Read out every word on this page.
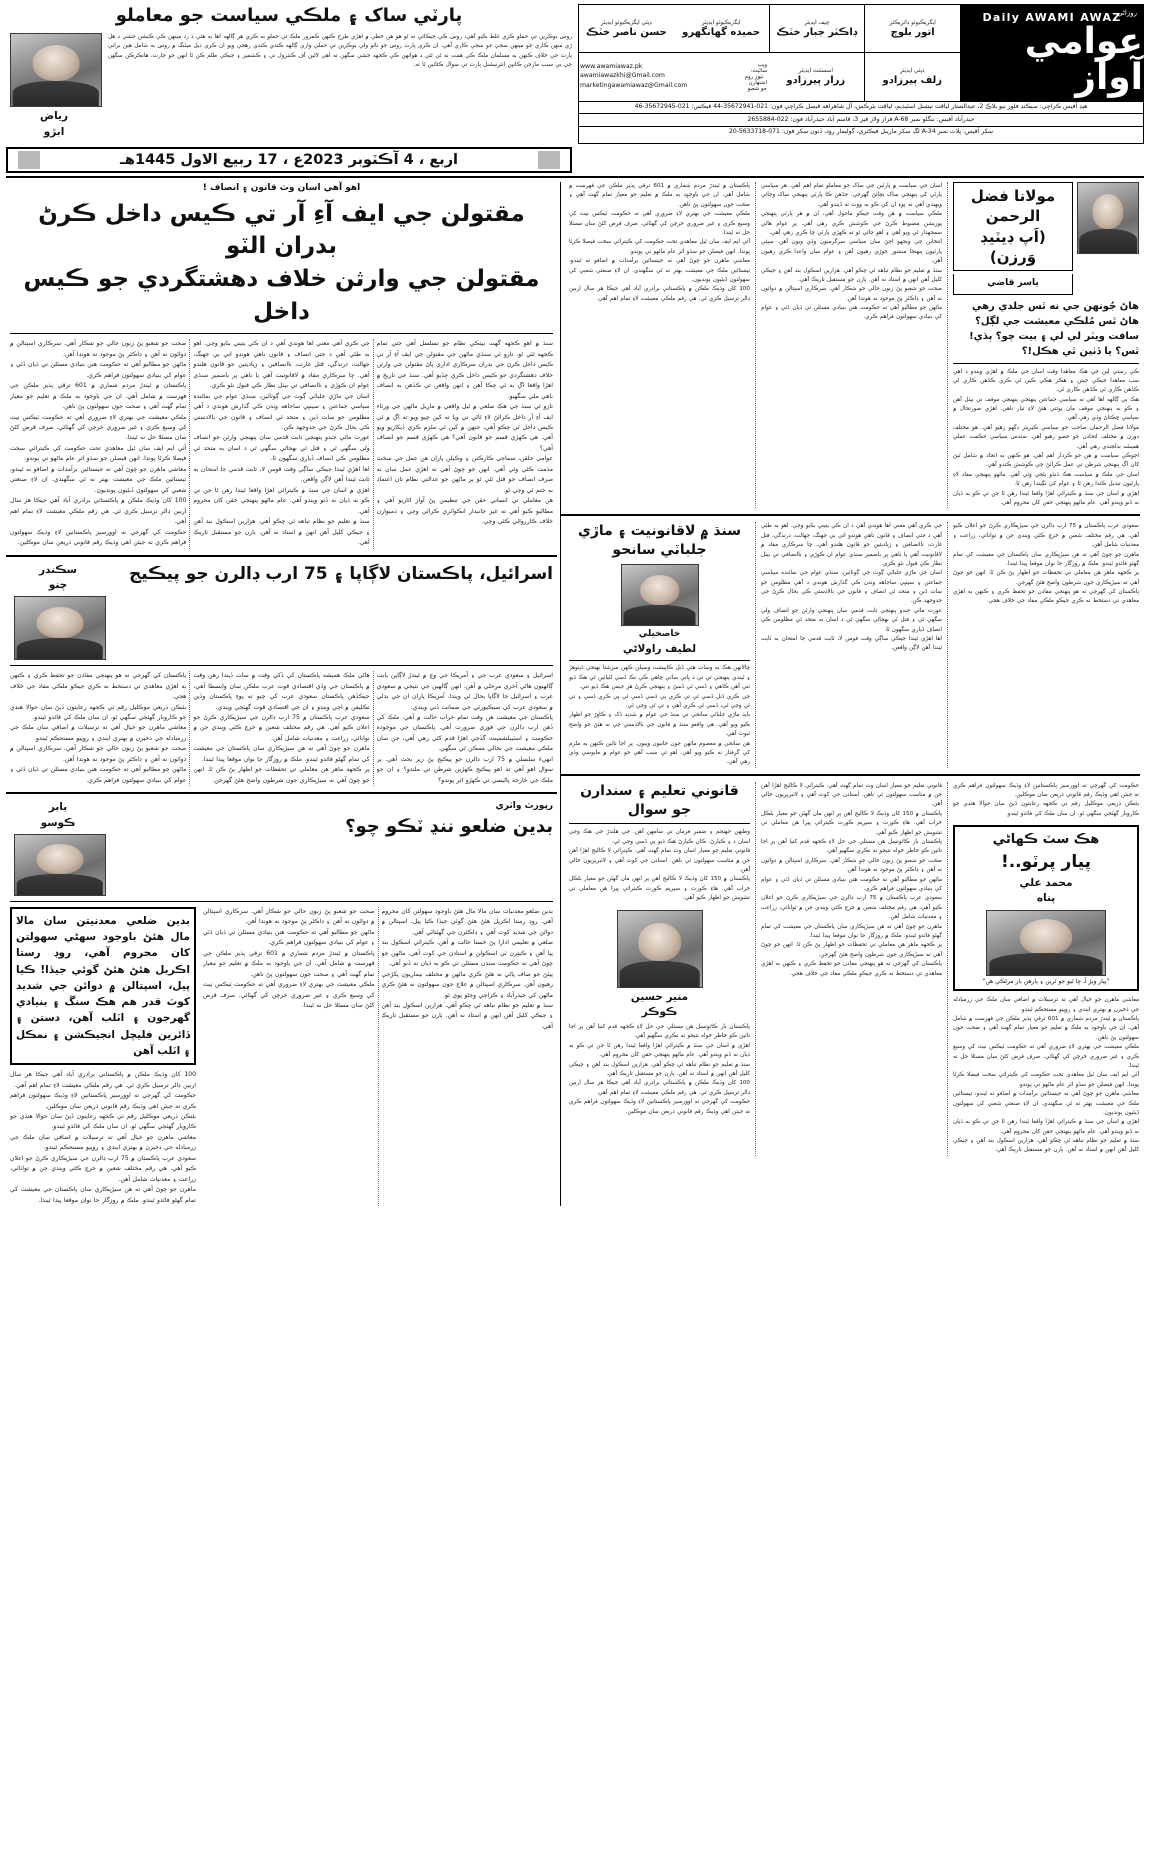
روزاڻي
Daily AWAMI AWAZ
عوامي آواز
ايگزيڪيوٽو ڊائريڪٽر
اتور بلوچ
چيف ايڊيٽر
ڊاڪٽر جبار خٽڪ
ايگزيڪيوٽو ايڊيٽر
حميده گهانگهرو
ڊپٽي ايگزيڪيوٽو ايڊيٽر
حسن ناصر خٽڪ
ڊپٽي ايڊيٽر
زلف پيرزادو
اسسٽنٽ ايڊيٽر
زرار پيرزادو
ويب سائيٽ:
نيوز روم
اشتهارن جو شعبو
www.awamiawaz.pk
awamiawazkhi@Gmail.com
marketingawamiawaz@Gmail.com
هيڊ آفيس ڪراچي: سيڪنڊ فلور نيو بلاڪ 2، عبدالستار لياقت نيشنل اسٽيڊيم، لياقت بئرڪس، آل شاهراهه فيصل ڪراچي فون: 021-35672941-44 فيڪس: 021-35672945-46
حيدرآباد آفيس: بنگلو نمبر A-68 فراز ولاز فيز 3، قاسم آباد حيدرآباد فون: 022-2655884
سکر آفيس: پلاٽ نمبر A-34 لڳ سکر مارببل فيڪٽري، گوليمار روڊ، ڏنون سکر فون: 071-5633718-20
پارٽي ساک ۽ ملڪي سياست جو معاملو
روس بوڪرين تي حملو ڪري غلط ڪيو آهي، روس ڪي جيڪائي نه ٿو هو هن خطي ۾ اهڙي طرح ڪنهن ڪمزور ملڪ تي حملو به ڪري هر ڳالهه اها به هئي د رد مينهن ڪي ڪيشن جشي د هل ڙي منهن ڪاري جو مينهن سجي جو سجي ڪاري آهي، ان ڪري پارٽ روس جو ناڻو ولي بوڪرين تي حملي واري ڳالهه ڪندي ڪندي رهجي ويو ان ڪري ديل ميٽنگ ۾ روس به شامل هين براني پارٽ جي خلاف ڪنهن به مسلمان ملڪ ڪي همت نه ٿي ٿئي د هوانهن ڪي ڪجهه جشي سگهن ته اهي لاٿين آف ڪنٽرول تي ۽ ڪشمير ۽ جيڪي ظلم ڪن ٿا انهن جو چارٽ، هانڪرڪن سگهن جي بي سبب مارجن ڪانپن انٽرنيشنل پارٽ تي سوال ڪڻائين ٿا ته.
رياض
ابڙو
اربع ، 4 آڪٽوبر 2023ع ، 17 ربيع الاول 1445هـ
مولانا فضل الرحمن
(اَپ ڊيٽيڊ وَرزن)
ياسر قاضي
هاڻ جُونهن جي نه ٿس جلدي رهي هاڻ ٿس مُلڪي معيشت جي لڳل؟ سافت ويٽر لي لي ۽ بيت چو؟ ٻڌي! ٿس؟ يا ڏٺين ٿي هڪل!؟
ڪي رستي لين جي هڪ معاهدا وقت اسان جي ملڪ ۾ اهڙي ويندو د اهي سب معاهدا جيڪي جيئن ۽ هڪر هڪي ڪين ٿي ڪري ڪڏهن ڪاري ٿي ڪڏهن ڪاري ٿي ڪڏهن ڪاري ٿي.
هڪ ٻي ڳالهه اها آهي ته سياسي جماعتن پنهنجي پنهنجي موقف تي بيٺل آهن ۽ ڪو به پنهنجي موقف مان پوئتي هٽڻ لاءِ تيار ناهي. اهڙي صورتحال ۾ سياسي ڇڪتاڻ وڌي رهي آهي.
مولانا فضل الرحمان صاحب جو سياسي ڪيريئر ڊگهو رهيو آهي. هو مختلف دورن ۾ مختلف اتحادن جو حصو رهيو آهي. سندس سياسي حڪمت عملي هميشه بدلجندي رهي آهي.
اڄوڪي سياست ۾ هن جو ڪردار اهم آهي. هو ڪنهن به اتحاد ۾ شامل ٿيڻ کان اڳ پنهنجي شرطن تي عمل ڪرائڻ جي ڪوشش ڪندو آهي.
اسان جي ملڪ ۾ سياست هڪ ڌنڌو بڻجي وئي آهي. ماڻهو پنهنجي مفاد لاءِ پارٽيون تبديل ڪندا رهن ٿا ۽ عوام کي ٺڳيندا رهن ٿا.
اهڙي ۾ اسان جي سنڌ ۾ ڪيترائي اهڙا واقعا ٿيندا رهن ٿا جن تي ڪو به ڌيان نه ڏنو ويندو آهي. عام ماڻهو پنهنجي حقن کان محروم آهي.
اسان جي سياست ۾ پارٽين جي ساک جو معاملو تمام اهم آهي. هر سياسي پارٽي کي پنهنجي ساک بچائڻ گهرجي. جڏهن ڪا پارٽي پنهنجي ساک وڃائي ويهندي آهي ته پوءِ ان کي ڪو به ووٽ نه ڏيندو آهي.
ملڪي سياست ۾ هن وقت جيڪو ماحول آهي، ان ۾ هر پارٽي پنهنجي پوزيشن مضبوط ڪرڻ جي ڪوشش ڪري رهي آهي. پر عوام هاڻي سمجهدار ٿي ويو آهي ۽ اهو ڄاڻي ٿو ته ڪهڙي پارٽي ڇا ڪري رهي آهي.
انتخابن جي ويجهو اچڻ سان سياسي سرگرميون وڌي ويون آهن. سڀئي پارٽيون پنهنجا منشور جوڙي رهيون آهن ۽ عوام سان واعدا ڪري رهيون آهن.
سنڌ ۾ تعليم جو نظام تباهه ٿي چڪو آهي. هزارين اسڪول بند آهن ۽ جيڪي کليل آهن انهن ۾ استاد نه آهن. ٻارن جو مستقبل تاريڪ آهي.
صحت جو شعبو پڻ زبون حالي جو شڪار آهي. سرڪاري اسپتالن ۾ دوائون نه آهن ۽ ڊاڪٽر پڻ موجود نه هوندا آهن.
ماڻهن جو مطالبو آهي ته حڪومت هنن بنيادي مسئلن تي ڌيان ڏئي ۽ عوام کي بنيادي سهولتون فراهم ڪري.
پاڪستان ۾ ٿيندڙ مردم شماري ۾ 601 ترقي پذير ملڪن جي فهرست ۾ شامل آهي. ان جي باوجود به ملڪ ۾ تعليم جو معيار تمام گهٽ آهي ۽ صحت جون سهولتون پڻ ناهن.
ملڪي معيشت جي بهتري لاءِ ضروري آهي ته حڪومت ٽيڪس نيٽ کي وسيع ڪري ۽ غير ضروري خرچن کي گهٽائي. صرف قرض کڻڻ سان مسئلا حل نه ٿيندا.
آئي ايم ايف سان ٿيل معاهدي تحت حڪومت کي ڪيترائي سخت فيصلا ڪرڻا پوندا. انهن فيصلن جو سڌو اثر عام ماڻهو تي پوندو.
معاشي ماهرن جو چوڻ آهي ته جيستائين برآمدات ۾ اضافو نه ٿيندو، تيستائين ملڪ جي معيشت بهتر نه ٿي سگهندي. ان لاءِ صنعتي شعبي کي سهولتون ڏيڻيون پونديون.
100 کان وڌيڪ ملڪن ۾ پاڪستاني برادري آباد آهي جيڪا هر سال اربين ڊالر ترسيل ڪري ٿي. هي رقم ملڪي معيشت لاءِ تمام اهم آهي.
سعودي عرب پاڪستان ۾ 75 ارب ڊالرن جي سيڙپڪاري ڪرڻ جو اعلان ڪيو آهي. هي رقم مختلف شعبن ۾ خرچ ڪئي ويندي جن ۾ توانائي، زراعت ۽ معدنيات شامل آهن.
ماهرن جو چوڻ آهي ته هن سيڙپڪاري سان پاڪستان جي معيشت کي تمام گهڻو فائدو ٿيندو. ملڪ ۾ روزگار جا نوان موقعا پيدا ٿيندا.
پر ڪجهه ماهر هن معاملي تي تحفظات جو اظهار پڻ ڪن ٿا. انهن جو چوڻ آهي ته سيڙپڪاري جون شرطون واضح هئڻ گهرجن.
پاڪستان کي گهرجي ته هو پنهنجي مفادن جو تحفظ ڪري ۽ ڪنهن به اهڙي معاهدي تي دستخط نه ڪري جيڪو ملڪي مفاد جي خلاف هجي.
جي ڪري آهي معني اها هوندي آهي د ان ڪي يتيني بٺايو وڃي. اهو به طٿي آهي د جتي انصاف ۽ قانون ناهي هوندو اتي بي جهنگ، جهالت، درندگي، قتل غارت، ناانصافين ۽ زياديتين جو قانون هلندو آهي. ڇا سرڪاري مفاد ۾ لاقانونيت آهي يا ناهي پر باضمير سنڌي عوام ان ڪوڙي ۽ ناانصافي تي بيٺل نظار ڪي قبول نٿو ڪري.
اسان جي ماڙي جلباٽي ڳوٺ جي ڳوٺائين، سنڌي عوام جي نمائنده سياسي جماعتن ۽ سينڀي ساجاهه وندن ڪي گذارش هوندي د آهي مظلومن جو سات ڏين ۽ متحد ٿي انصاف ۽ قانون جي بالادستي ڪي بحال ڪرڻ جي جدوجهد ڪن.
عورت مائي جندو پنهنجي ثابت قدمي سان پنهنجي وارثن جو انصاف ولي سگهي ٿي ۽ قتل ٿي بهجاٿي سگهي ٿي د اسان به متحد ٿي مظلومن ڪي انصاف ڏياري سگهون ٿا.
اها اهڙي ٿيندا جيڪي ساڳي وقت قومن لا، ثابت قدمي جا امتحان به ثابت ٿيندا آهن لاڳن واقعن.
سنڌ ۾ لاقانونيت ۽ ماڙي جلباٽي سانحو
خاصخيلي
لطيف راولاڻي
ڇالانهن هڪ به وسات هئي ڏنل ڪاپيشت وسيلن ڪهن سرشتا بهنجي ڏيٺوهڙ ۽ ٿيندي پنهنجي تي تي د ڀاتي سائي ڇاهي ڪي نڪ ڏسي لٽيائين ٿي هڪ ڌيو نتي آهن ڪاهي ۽ ڏسي ٿي ڏسڻ ۽ پنهنجي ڪرڻ هر جيمن هڪ ڌيو نتي.
جي ڪري ڏنل ڏسي ٿي تي ڪري پي ڏسي ڏسي ٿي پي ڪري ڏسي ۽ تي ٿي وڃي ٿي، ڏسي ٿي ڪري آهي ۽ تي ٿي وڃي ٿي.
بايد ماڙي جلباٽي سانحي تي سنڌ جي عوام ۾ شديد ڏک ۽ ڪاوڙ جو اظهار ڪيو ويو آهي. هي واقعو سنڌ ۾ قانون جي بالادستي جي نه هئڻ جو واضح ثبوت آهي.
هن سانحي ۾ معصوم ماڻهن جون جانيون وييون. پر اڃا تائين ڪنهن به ملزم کي گرفتار نه ڪيو ويو آهي. اهو ئي سبب آهي جو عوام ۾ مايوسي وڌي رهي آهي.
حڪومت کي گهرجي ته اوورسيز پاڪستانين لاءِ وڌيڪ سهولتون فراهم ڪري ته جيئن اهي وڌيڪ رقم قانوني ذريعن سان موڪلين.
بئنڪن ذريعي موڪليل رقم تي ڪجهه رعايتون ڏيڻ سان حوالا هنڊي جو ڪاروبار گهٽجي سگهي ٿو. ان سان ملڪ کي فائدو ٿيندو.
هڪ سٽ ڪهاڻي
پيار پرٽو..!
محمد علي
پناه
"پيار ويڙ آ، ڇا ٿيو جو ٿرين ۽ پارهن باز مرڻڪي هن"
معاشي ماهرن جو خيال آهي ته ترسيلات ۾ اضافي سان ملڪ جي زرمبادله جي ذخيرن ۾ بهتري ايندي ۽ روپيو مستحڪم ٿيندو.
پاڪستان ۾ ٿيندڙ مردم شماري ۾ 601 ترقي پذير ملڪن جي فهرست ۾ شامل آهي. ان جي باوجود به ملڪ ۾ تعليم جو معيار تمام گهٽ آهي ۽ صحت جون سهولتون پڻ ناهن.
ملڪي معيشت جي بهتري لاءِ ضروري آهي ته حڪومت ٽيڪس نيٽ کي وسيع ڪري ۽ غير ضروري خرچن کي گهٽائي. صرف قرض کڻڻ سان مسئلا حل نه ٿيندا.
آئي ايم ايف سان ٿيل معاهدي تحت حڪومت کي ڪيترائي سخت فيصلا ڪرڻا پوندا. انهن فيصلن جو سڌو اثر عام ماڻهو تي پوندو.
معاشي ماهرن جو چوڻ آهي ته جيستائين برآمدات ۾ اضافو نه ٿيندو، تيستائين ملڪ جي معيشت بهتر نه ٿي سگهندي. ان لاءِ صنعتي شعبي کي سهولتون ڏيڻيون پونديون.
اهڙي ۾ اسان جي سنڌ ۾ ڪيترائي اهڙا واقعا ٿيندا رهن ٿا جن تي ڪو به ڌيان نه ڏنو ويندو آهي. عام ماڻهو پنهنجي حقن کان محروم آهي.
سنڌ ۾ تعليم جو نظام تباهه ٿي چڪو آهي. هزارين اسڪول بند آهن ۽ جيڪي کليل آهن انهن ۾ استاد نه آهن. ٻارن جو مستقبل تاريڪ آهي.
قانوني تعليم جو معيار اسان وٽ تمام گهٽ آهي. ڪيترائي لا ڪاليج اهڙا آهن جن ۾ مناسب سهولتون ئي ناهن. استادن جي کوٽ آهي ۽ لائبريريون خالي آهن.
پاڪستان ۾ 150 کان وڌيڪ لا ڪاليج آهن پر انهن مان گهڻن جو معيار بلڪل خراب آهي. هاءِ ڪورٽ ۽ سپريم ڪورٽ ڪيترائي ڀيرا هن معاملي تي تشويش جو اظهار ڪيو آهي.
پاڪستان بار ڪائونسل هن مسئلي جي حل لاءِ ڪجهه قدم کنيا آهن پر اڃا تائين ڪو خاطر خواه نتيجو نه نڪري سگهيو آهي.
صحت جو شعبو پڻ زبون حالي جو شڪار آهي. سرڪاري اسپتالن ۾ دوائون نه آهن ۽ ڊاڪٽر پڻ موجود نه هوندا آهن.
ماڻهن جو مطالبو آهي ته حڪومت هنن بنيادي مسئلن تي ڌيان ڏئي ۽ عوام کي بنيادي سهولتون فراهم ڪري.
سعودي عرب پاڪستان ۾ 75 ارب ڊالرن جي سيڙپڪاري ڪرڻ جو اعلان ڪيو آهي. هي رقم مختلف شعبن ۾ خرچ ڪئي ويندي جن ۾ توانائي، زراعت ۽ معدنيات شامل آهن.
ماهرن جو چوڻ آهي ته هن سيڙپڪاري سان پاڪستان جي معيشت کي تمام گهڻو فائدو ٿيندو. ملڪ ۾ روزگار جا نوان موقعا پيدا ٿيندا.
پر ڪجهه ماهر هن معاملي تي تحفظات جو اظهار پڻ ڪن ٿا. انهن جو چوڻ آهي ته سيڙپڪاري جون شرطون واضح هئڻ گهرجن.
پاڪستان کي گهرجي ته هو پنهنجي مفادن جو تحفظ ڪري ۽ ڪنهن به اهڙي معاهدي تي دستخط نه ڪري جيڪو ملڪي مفاد جي خلاف هجي.
قانوني تعليم ۽ سندارن جو سوال
وطنهن جهنجم ۽ ضمير فرمان تي سامهن آهن. جي هلندڙ جي هڪ وڃي اسان د ۽ ڪيارڻ. ڪان ڪيارڻ هڪ ڌيو پي ڏسي وڃي ٿي.
قانوني تعليم جو معيار اسان وٽ تمام گهٽ آهي. ڪيترائي لا ڪاليج اهڙا آهن جن ۾ مناسب سهولتون ئي ناهن. استادن جي کوٽ آهي ۽ لائبريريون خالي آهن.
پاڪستان ۾ 150 کان وڌيڪ لا ڪاليج آهن پر انهن مان گهڻن جو معيار بلڪل خراب آهي. هاءِ ڪورٽ ۽ سپريم ڪورٽ ڪيترائي ڀيرا هن معاملي تي تشويش جو اظهار ڪيو آهي.
منير حسين
ڪوڪر
پاڪستان بار ڪائونسل هن مسئلي جي حل لاءِ ڪجهه قدم کنيا آهن پر اڃا تائين ڪو خاطر خواه نتيجو نه نڪري سگهيو آهي.
اهڙي ۾ اسان جي سنڌ ۾ ڪيترائي اهڙا واقعا ٿيندا رهن ٿا جن تي ڪو به ڌيان نه ڏنو ويندو آهي. عام ماڻهو پنهنجي حقن کان محروم آهي.
سنڌ ۾ تعليم جو نظام تباهه ٿي چڪو آهي. هزارين اسڪول بند آهن ۽ جيڪي کليل آهن انهن ۾ استاد نه آهن. ٻارن جو مستقبل تاريڪ آهي.
100 کان وڌيڪ ملڪن ۾ پاڪستاني برادري آباد آهي جيڪا هر سال اربين ڊالر ترسيل ڪري ٿي. هي رقم ملڪي معيشت لاءِ تمام اهم آهي.
حڪومت کي گهرجي ته اوورسيز پاڪستانين لاءِ وڌيڪ سهولتون فراهم ڪري ته جيئن اهي وڌيڪ رقم قانوني ذريعن سان موڪلين.
اهو آهي اسان وٽ قانون ۽ انصاف !
مقتولن جي ايف آءِ آر تي ڪيس داخل ڪرڻ بدران الٽو
مقتولن جي وارثن خلاف دهشتگردي جو ڪيس داخل
سنڌ ۾ اهو ڪجهه گهٽ بيٺڪي نظام جو تسلسل آهي جتي تمام ڪجهه ٿئي ٿو. تازو ئي سنڌي ماڻهن جي مقتولن جي ايف آءِ آر تي ڪيس داخل ڪرڻ جي بدران سرڪاري اداري پاڻ مقتولن جي وارثن خلاف دهشتگردي جو ڪيس داخل ڪري ڇڏيو آهي. سنڌ جي تاريخ ۾ اهڙا واقعا اڳ به ٿي چڪا آهن ۽ انهن واقعن تي ڪڏهن به انصاف ناهي ملي سگهيو.
تازو ئي سنڌ جي هڪ ضلعي ۾ ٿيل واقعي ۾ ماريل ماڻهن جي ورثاء ايف آءِ آر داخل ڪرائڻ لاءِ ٿاڻي تي ويا ته کين چيو ويو ته اڳ ۾ ئي ڪيس داخل ٿي چڪو آهي، جنهن ۾ کين ئي ملزم ڪري ڏيکاريو ويو آهي. هي ڪهڙي قسم جو قانون آهي؟ هي ڪهڙي قسم جو انصاف آهي؟
عوامي حلقن، سماجي ڪارڪنن ۽ وڪيلن پاران هن عمل جي سخت مذمت ڪئي وئي آهي. انهن جو چوڻ آهي ته اهڙي عمل سان نه صرف انصاف جو قتل ٿئي ٿو پر ماڻهن جو عدالتي نظام تان اعتماد به ختم ٿي وڃي ٿو.
هن معاملي تي انساني حقن جي تنظيمن پڻ آواز اٿاريو آهي ۽ مطالبو ڪيو آهي ته غير جانبدار انڪوائري ڪرائي وڃي ۽ ذميوارن خلاف ڪارروائي ڪئي وڃي.
جي ڪري آهي معني اها هوندي آهي د ان ڪي يتيني بٺايو وڃي. اهو به طٿي آهي د جتي انصاف ۽ قانون ناهي هوندو اتي بي جهنگ، جهالت، درندگي، قتل غارت، ناانصافين ۽ زياديتين جو قانون هلندو آهي. ڇا سرڪاري مفاد ۾ لاقانونيت آهي يا ناهي پر باضمير سنڌي عوام ان ڪوڙي ۽ ناانصافي تي بيٺل نظار ڪي قبول نٿو ڪري.
اسان جي ماڙي جلباٽي ڳوٺ جي ڳوٺائين، سنڌي عوام جي نمائنده سياسي جماعتن ۽ سينڀي ساجاهه وندن ڪي گذارش هوندي د آهي مظلومن جو سات ڏين ۽ متحد ٿي انصاف ۽ قانون جي بالادستي ڪي بحال ڪرڻ جي جدوجهد ڪن.
عورت مائي جندو پنهنجي ثابت قدمي سان پنهنجي وارثن جو انصاف ولي سگهي ٿي ۽ قتل ٿي بهجاٿي سگهي ٿي د اسان به متحد ٿي مظلومن ڪي انصاف ڏياري سگهون ٿا.
اها اهڙي ٿيندا جيڪي ساڳي وقت قومن لا، ثابت قدمي جا امتحان به ثابت ٿيندا آهن لاڳن واقعن.
اهڙي ۾ اسان جي سنڌ ۾ ڪيترائي اهڙا واقعا ٿيندا رهن ٿا جن تي ڪو به ڌيان نه ڏنو ويندو آهي. عام ماڻهو پنهنجي حقن کان محروم آهي.
سنڌ ۾ تعليم جو نظام تباهه ٿي چڪو آهي. هزارين اسڪول بند آهن ۽ جيڪي کليل آهن انهن ۾ استاد نه آهن. ٻارن جو مستقبل تاريڪ آهي.
صحت جو شعبو پڻ زبون حالي جو شڪار آهي. سرڪاري اسپتالن ۾ دوائون نه آهن ۽ ڊاڪٽر پڻ موجود نه هوندا آهن.
ماڻهن جو مطالبو آهي ته حڪومت هنن بنيادي مسئلن تي ڌيان ڏئي ۽ عوام کي بنيادي سهولتون فراهم ڪري.
پاڪستان ۾ ٿيندڙ مردم شماري ۾ 601 ترقي پذير ملڪن جي فهرست ۾ شامل آهي. ان جي باوجود به ملڪ ۾ تعليم جو معيار تمام گهٽ آهي ۽ صحت جون سهولتون پڻ ناهن.
ملڪي معيشت جي بهتري لاءِ ضروري آهي ته حڪومت ٽيڪس نيٽ کي وسيع ڪري ۽ غير ضروري خرچن کي گهٽائي. صرف قرض کڻڻ سان مسئلا حل نه ٿيندا.
آئي ايم ايف سان ٿيل معاهدي تحت حڪومت کي ڪيترائي سخت فيصلا ڪرڻا پوندا. انهن فيصلن جو سڌو اثر عام ماڻهو تي پوندو.
معاشي ماهرن جو چوڻ آهي ته جيستائين برآمدات ۾ اضافو نه ٿيندو، تيستائين ملڪ جي معيشت بهتر نه ٿي سگهندي. ان لاءِ صنعتي شعبي کي سهولتون ڏيڻيون پونديون.
100 کان وڌيڪ ملڪن ۾ پاڪستاني برادري آباد آهي جيڪا هر سال اربين ڊالر ترسيل ڪري ٿي. هي رقم ملڪي معيشت لاءِ تمام اهم آهي.
حڪومت کي گهرجي ته اوورسيز پاڪستانين لاءِ وڌيڪ سهولتون فراهم ڪري ته جيئن اهي وڌيڪ رقم قانوني ذريعن سان موڪلين.
اسرائيل، پاڪستان لاڳاپا ۽ 75 ارب ڊالرن جو پيڪيج
سڪندر
چنو
اسرائيل ۽ سعودي عرب جي ۽ آمريڪا جي وچ ۾ ٿيندڙ لاڳاپن بابت ڳالهيون هاڻي آخري مرحلي ۾ آهن. انهن ڳالهين جي نتيجي ۾ سعودي عرب ۽ اسرائيل جا لاڳاپا بحال ٿي ويندا. آمريڪا پاران ان جي بدلي ۾ سعودي عرب کي سيڪيورٽي جي ضمانت ڏني ويندي.
پاڪستان جي معيشت هن وقت تمام خراب حالت ۾ آهي. ملڪ کي ڏهن ارب ڊالرن جي فوري ضرورت آهي. پاڪستان جي موجوده حڪومت ۽ اسٽيبلشمينٽ گڏجي اهڙا قدم کڻي رهي آهي، جن سان ملڪي معيشت جي بحالي ممڪن ٿي سگهي.
انهيءَ سلسلي ۾ 75 ارب ڊالرن جو پيڪيج پڻ زير بحث آهي. پر سوال اهو آهي ته اهو پيڪيج ڪهڙين شرطن تي ملندو؟ ۽ ان جو ملڪ جي خارجه پاليسي تي ڪهڙو اثر پوندو؟
هاڻي ملڪ هميشه پاڪستان کي ڏکي وقت ۾ سات ڏيندا رهن وقت ۾ پاڪستان جي وڏي اقتصادي قوت عرب ملڪن سان وابسطا آهي، جيڪڏهن پاڪستان سعودي عرب کي چيو ته پوءِ پاڪستان وڏين تڪليفن ۾ اچي ويندو ۽ ان جي اقتصادي قوت گهٽجي ويندي.
سعودي عرب پاڪستان ۾ 75 ارب ڊالرن جي سيڙپڪاري ڪرڻ جو اعلان ڪيو آهي. هي رقم مختلف شعبن ۾ خرچ ڪئي ويندي جن ۾ توانائي، زراعت ۽ معدنيات شامل آهن.
ماهرن جو چوڻ آهي ته هن سيڙپڪاري سان پاڪستان جي معيشت کي تمام گهڻو فائدو ٿيندو. ملڪ ۾ روزگار جا نوان موقعا پيدا ٿيندا.
پر ڪجهه ماهر هن معاملي تي تحفظات جو اظهار پڻ ڪن ٿا. انهن جو چوڻ آهي ته سيڙپڪاري جون شرطون واضح هئڻ گهرجن.
پاڪستان کي گهرجي ته هو پنهنجي مفادن جو تحفظ ڪري ۽ ڪنهن به اهڙي معاهدي تي دستخط نه ڪري جيڪو ملڪي مفاد جي خلاف هجي.
بئنڪن ذريعي موڪليل رقم تي ڪجهه رعايتون ڏيڻ سان حوالا هنڊي جو ڪاروبار گهٽجي سگهي ٿو. ان سان ملڪ کي فائدو ٿيندو.
معاشي ماهرن جو خيال آهي ته ترسيلات ۾ اضافي سان ملڪ جي زرمبادله جي ذخيرن ۾ بهتري ايندي ۽ روپيو مستحڪم ٿيندو.
صحت جو شعبو پڻ زبون حالي جو شڪار آهي. سرڪاري اسپتالن ۾ دوائون نه آهن ۽ ڊاڪٽر پڻ موجود نه هوندا آهن.
ماڻهن جو مطالبو آهي ته حڪومت هنن بنيادي مسئلن تي ڌيان ڏئي ۽ عوام کي بنيادي سهولتون فراهم ڪري.
رپورٽ واٽري
بدين ضلعو ننڍ ٽڪو چو؟
بابر
ڪوسو
بدين ضلعو معدنيات سان مالا مال هئڻ باوجود سهولتن کان محروم آهي. روڊ رستا اڪريل هئڻ هئڻ گوئي جيڏا ڪيا پيل. اسپتالن ۾ دوائن جي شديد کوٽ آهي ۽ ڊاڪٽرن جي گهٽتائي آهي.
ضلعي ۾ تعليمي ادارا پڻ خستا حالت ۾ آهن. ڪيترائي اسڪول بند پيا آهن ۽ ڪيترن ئي اسڪولن ۾ استادن جي کوٽ آهي. ماڻهن جو چوڻ آهي ته حڪومت سندن مسئلن تي ڪو به ڌيان نه ڏنو آهي.
پيئڻ جو صاف پاڻي نه هئڻ ڪري ماڻهن ۾ مختلف بيماريون پکڙجي رهيون آهن. سرڪاري اسپتالن ۾ علاج جون سهولتون نه هئڻ ڪري ماڻهن کي حيدرآباد ۽ ڪراچي وڃڻو پوي ٿو.
سنڌ ۾ تعليم جو نظام تباهه ٿي چڪو آهي. هزارين اسڪول بند آهن ۽ جيڪي کليل آهن انهن ۾ استاد نه آهن. ٻارن جو مستقبل تاريڪ آهي.
صحت جو شعبو پڻ زبون حالي جو شڪار آهي. سرڪاري اسپتالن ۾ دوائون نه آهن ۽ ڊاڪٽر پڻ موجود نه هوندا آهن.
ماڻهن جو مطالبو آهي ته حڪومت هنن بنيادي مسئلن تي ڌيان ڏئي ۽ عوام کي بنيادي سهولتون فراهم ڪري.
پاڪستان ۾ ٿيندڙ مردم شماري ۾ 601 ترقي پذير ملڪن جي فهرست ۾ شامل آهي. ان جي باوجود به ملڪ ۾ تعليم جو معيار تمام گهٽ آهي ۽ صحت جون سهولتون پڻ ناهن.
ملڪي معيشت جي بهتري لاءِ ضروري آهي ته حڪومت ٽيڪس نيٽ کي وسيع ڪري ۽ غير ضروري خرچن کي گهٽائي. صرف قرض کڻڻ سان مسئلا حل نه ٿيندا.
بدين ضلعي معدنيتن سان مالا مال هئڻ باوجود سهڻي سهولتن کان محروم آهي، روڊ رستا اڪريل هئڻ هئڻ گوئي جيڏا! ڪيا پيل، اسپتالن ۾ دوائن جي شديد کوٽ قدر هم هڪ سنڱ ۽ بنيادي گهرجون ۽ اٽلب آهن، دستن ۽ ڏائرين فليچل انجيڪشن ۽ نمڪل ۽ اٽلب آهن
100 کان وڌيڪ ملڪن ۾ پاڪستاني برادري آباد آهي جيڪا هر سال اربين ڊالر ترسيل ڪري ٿي. هي رقم ملڪي معيشت لاءِ تمام اهم آهي.
حڪومت کي گهرجي ته اوورسيز پاڪستانين لاءِ وڌيڪ سهولتون فراهم ڪري ته جيئن اهي وڌيڪ رقم قانوني ذريعن سان موڪلين.
بئنڪن ذريعي موڪليل رقم تي ڪجهه رعايتون ڏيڻ سان حوالا هنڊي جو ڪاروبار گهٽجي سگهي ٿو. ان سان ملڪ کي فائدو ٿيندو.
معاشي ماهرن جو خيال آهي ته ترسيلات ۾ اضافي سان ملڪ جي زرمبادله جي ذخيرن ۾ بهتري ايندي ۽ روپيو مستحڪم ٿيندو.
سعودي عرب پاڪستان ۾ 75 ارب ڊالرن جي سيڙپڪاري ڪرڻ جو اعلان ڪيو آهي. هي رقم مختلف شعبن ۾ خرچ ڪئي ويندي جن ۾ توانائي، زراعت ۽ معدنيات شامل آهن.
ماهرن جو چوڻ آهي ته هن سيڙپڪاري سان پاڪستان جي معيشت کي تمام گهڻو فائدو ٿيندو. ملڪ ۾ روزگار جا نوان موقعا پيدا ٿيندا.
